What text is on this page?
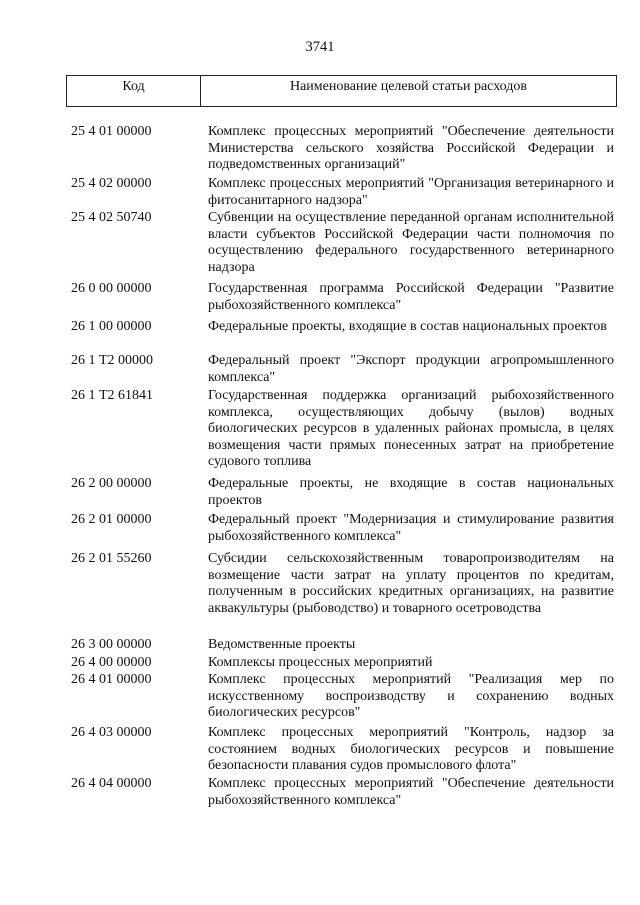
3741
Код	Наименование целевой статьи расходов
25 4 01 00000	Комплекс процессных мероприятий "Обеспечение деятельности Министерства сельского хозяйства Российской Федерации и подведомственных организаций"
25 4 02 00000	Комплекс процессных мероприятий "Организация ветеринарного и фитосанитарного надзора"
25 4 02 50740	Субвенции на осуществление переданной органам исполнительной власти субъектов Российской Федерации части полномочия по осуществлению федерального государственного ветеринарного надзора
26 0 00 00000	Государственная программа Российской Федерации "Развитие рыбохозяйственного комплекса"
26 1 00 00000	Федеральные проекты, входящие в состав национальных проектов
26 1 Т2 00000	Федеральный проект "Экспорт продукции агропромышленного комплекса"
26 1 Т2 61841	Государственная поддержка организаций рыбохозяйственного комплекса, осуществляющих добычу (вылов) водных биологических ресурсов в удаленных районах промысла, в целях возмещения части прямых понесенных затрат на приобретение судового топлива
26 2 00 00000	Федеральные проекты, не входящие в состав национальных проектов
26 2 01 00000	Федеральный проект "Модернизация и стимулирование развития рыбохозяйственного комплекса"
26 2 01 55260	Субсидии сельскохозяйственным товаропроизводителям на возмещение части затрат на уплату процентов по кредитам, полученным в российских кредитных организациях, на развитие аквакультуры (рыбоводство) и товарного осетроводства
26 3 00 00000	Ведомственные проекты
26 4 00 00000	Комплексы процессных мероприятий
26 4 01 00000	Комплекс процессных мероприятий "Реализация мер по искусственному воспроизводству и сохранению водных биологических ресурсов"
26 4 03 00000	Комплекс процессных мероприятий "Контроль, надзор за состоянием водных биологических ресурсов и повышение безопасности плавания судов промыслового флота"
26 4 04 00000	Комплекс процессных мероприятий "Обеспечение деятельности рыбохозяйственного комплекса"
